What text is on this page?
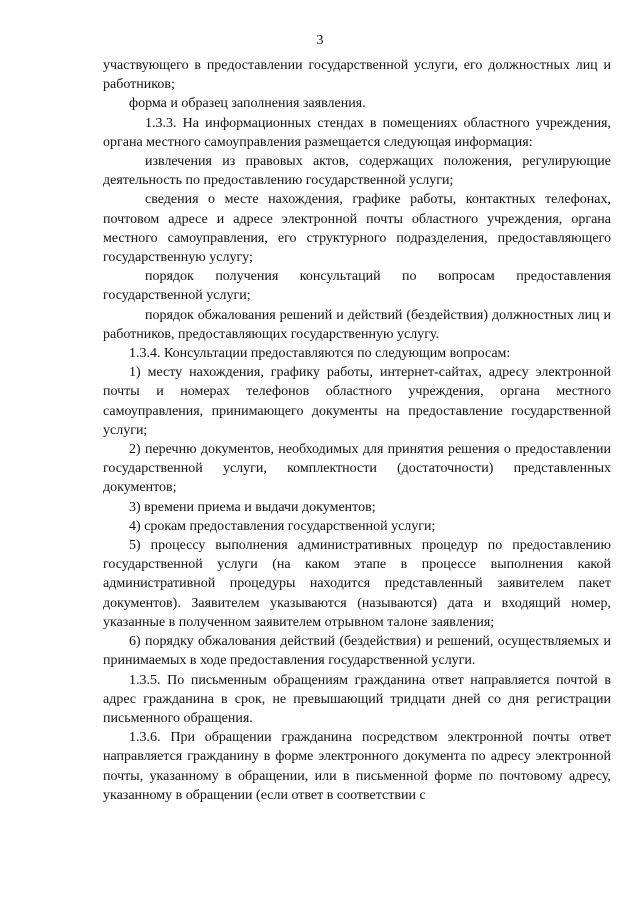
3

участвующего в предоставлении государственной услуги, его должностных лиц и работников;

форма и образец заполнения заявления.

1.3.3. На информационных стендах в помещениях областного учреждения, органа местного самоуправления размещается следующая информация:

извлечения из правовых актов, содержащих положения, регулирующие деятельность по предоставлению государственной услуги;

сведения о месте нахождения, графике работы, контактных телефонах, почтовом адресе и адресе электронной почты областного учреждения, органа местного самоуправления, его структурного подразделения, предоставляющего государственную услугу;

порядок получения консультаций по вопросам предоставления государственной услуги;

порядок обжалования решений и действий (бездействия) должностных лиц и работников, предоставляющих государственную услугу.

1.3.4. Консультации предоставляются по следующим вопросам:

1) месту нахождения, графику работы, интернет-сайтах, адресу электронной почты и номерах телефонов областного учреждения, органа местного самоуправления, принимающего документы на предоставление государственной услуги;

2) перечню документов, необходимых для принятия решения о предоставлении государственной услуги, комплектности (достаточности) представленных документов;

3) времени приема и выдачи документов;

4) срокам предоставления государственной услуги;

5) процессу выполнения административных процедур по предоставлению государственной услуги (на каком этапе в процессе выполнения какой административной процедуры находится представленный заявителем пакет документов). Заявителем указываются (называются) дата и входящий номер, указанные в полученном заявителем отрывном талоне заявления;

6) порядку обжалования действий (бездействия) и решений, осуществляемых и принимаемых в ходе предоставления государственной услуги.

1.3.5. По письменным обращениям гражданина ответ направляется почтой в адрес гражданина в срок, не превышающий тридцати дней со дня регистрации письменного обращения.

1.3.6. При обращении гражданина посредством электронной почты ответ направляется гражданину в форме электронного документа по адресу электронной почты, указанному в обращении, или в письменной форме по почтовому адресу, указанному в обращении (если ответ в соответствии с
